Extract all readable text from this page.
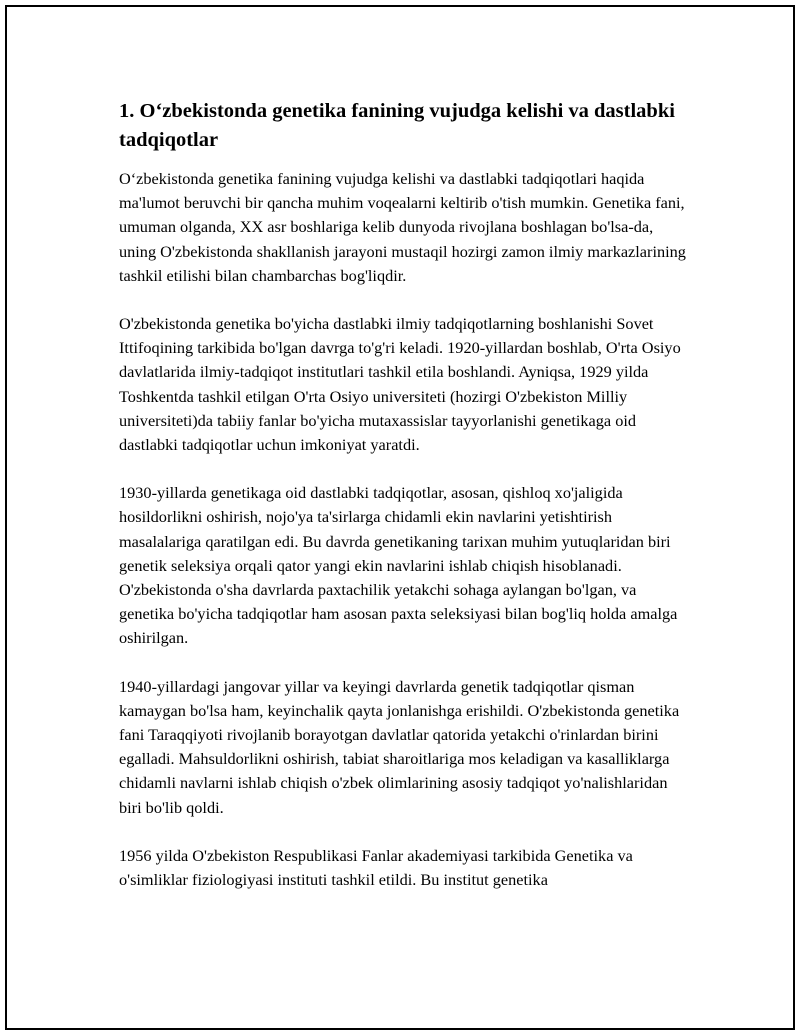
1. O‘zbekistonda genetika fanining vujudga kelishi va dastlabki tadqiqotlar

O‘zbekistonda genetika fanining vujudga kelishi va dastlabki tadqiqotlari haqida ma'lumot beruvchi bir qancha muhim voqealarni keltirib o'tish mumkin. Genetika fani, umuman olganda, XX asr boshlariga kelib dunyoda rivojlana boshlagan bo'lsa-da, uning O'zbekistonda shakllanish jarayoni mustaqil hozirgi zamon ilmiy markazlarining tashkil etilishi bilan chambarchas bog'liqdir.

O'zbekistonda genetika bo'yicha dastlabki ilmiy tadqiqotlarning boshlanishi Sovet Ittifoqining tarkibida bo'lgan davrga to'g'ri keladi. 1920-yillardan boshlab, O'rta Osiyo davlatlarida ilmiy-tadqiqot institutlari tashkil etila boshlandi. Ayniqsa, 1929 yilda Toshkentda tashkil etilgan O'rta Osiyo universiteti (hozirgi O'zbekiston Milliy universiteti)da tabiiy fanlar bo'yicha mutaxassislar tayyorlanishi genetikaga oid dastlabki tadqiqotlar uchun imkoniyat yaratdi.

1930-yillarda genetikaga oid dastlabki tadqiqotlar, asosan, qishloq xo'jaligida hosildorlikni oshirish, nojo'ya ta'sirlarga chidamli ekin navlarini yetishtirish masalalariga qaratilgan edi. Bu davrda genetikaning tarixan muhim yutuqlaridan biri genetik seleksiya orqali qator yangi ekin navlarini ishlab chiqish hisoblanadi. O'zbekistonda o'sha davrlarda paxtachilik yetakchi sohaga aylangan bo'lgan, va genetika bo'yicha tadqiqotlar ham asosan paxta seleksiyasi bilan bog'liq holda amalga oshirilgan.

1940-yillardagi jangovar yillar va keyingi davrlarda genetik tadqiqotlar qisman kamaygan bo'lsa ham, keyinchalik qayta jonlanishga erishildi. O'zbekistonda genetika fani Taraqqiyoti rivojlanib borayotgan davlatlar qatorida yetakchi o'rinlardan birini egalladi. Mahsuldorlikni oshirish, tabiat sharoitlariga mos keladigan va kasalliklarga chidamli navlarni ishlab chiqish o'zbek olimlarining asosiy tadqiqot yo'nalishlaridan biri bo'lib qoldi.

1956 yilda O'zbekiston Respublikasi Fanlar akademiyasi tarkibida Genetika va o'simliklar fiziologiyasi instituti tashkil etildi. Bu institut genetika
